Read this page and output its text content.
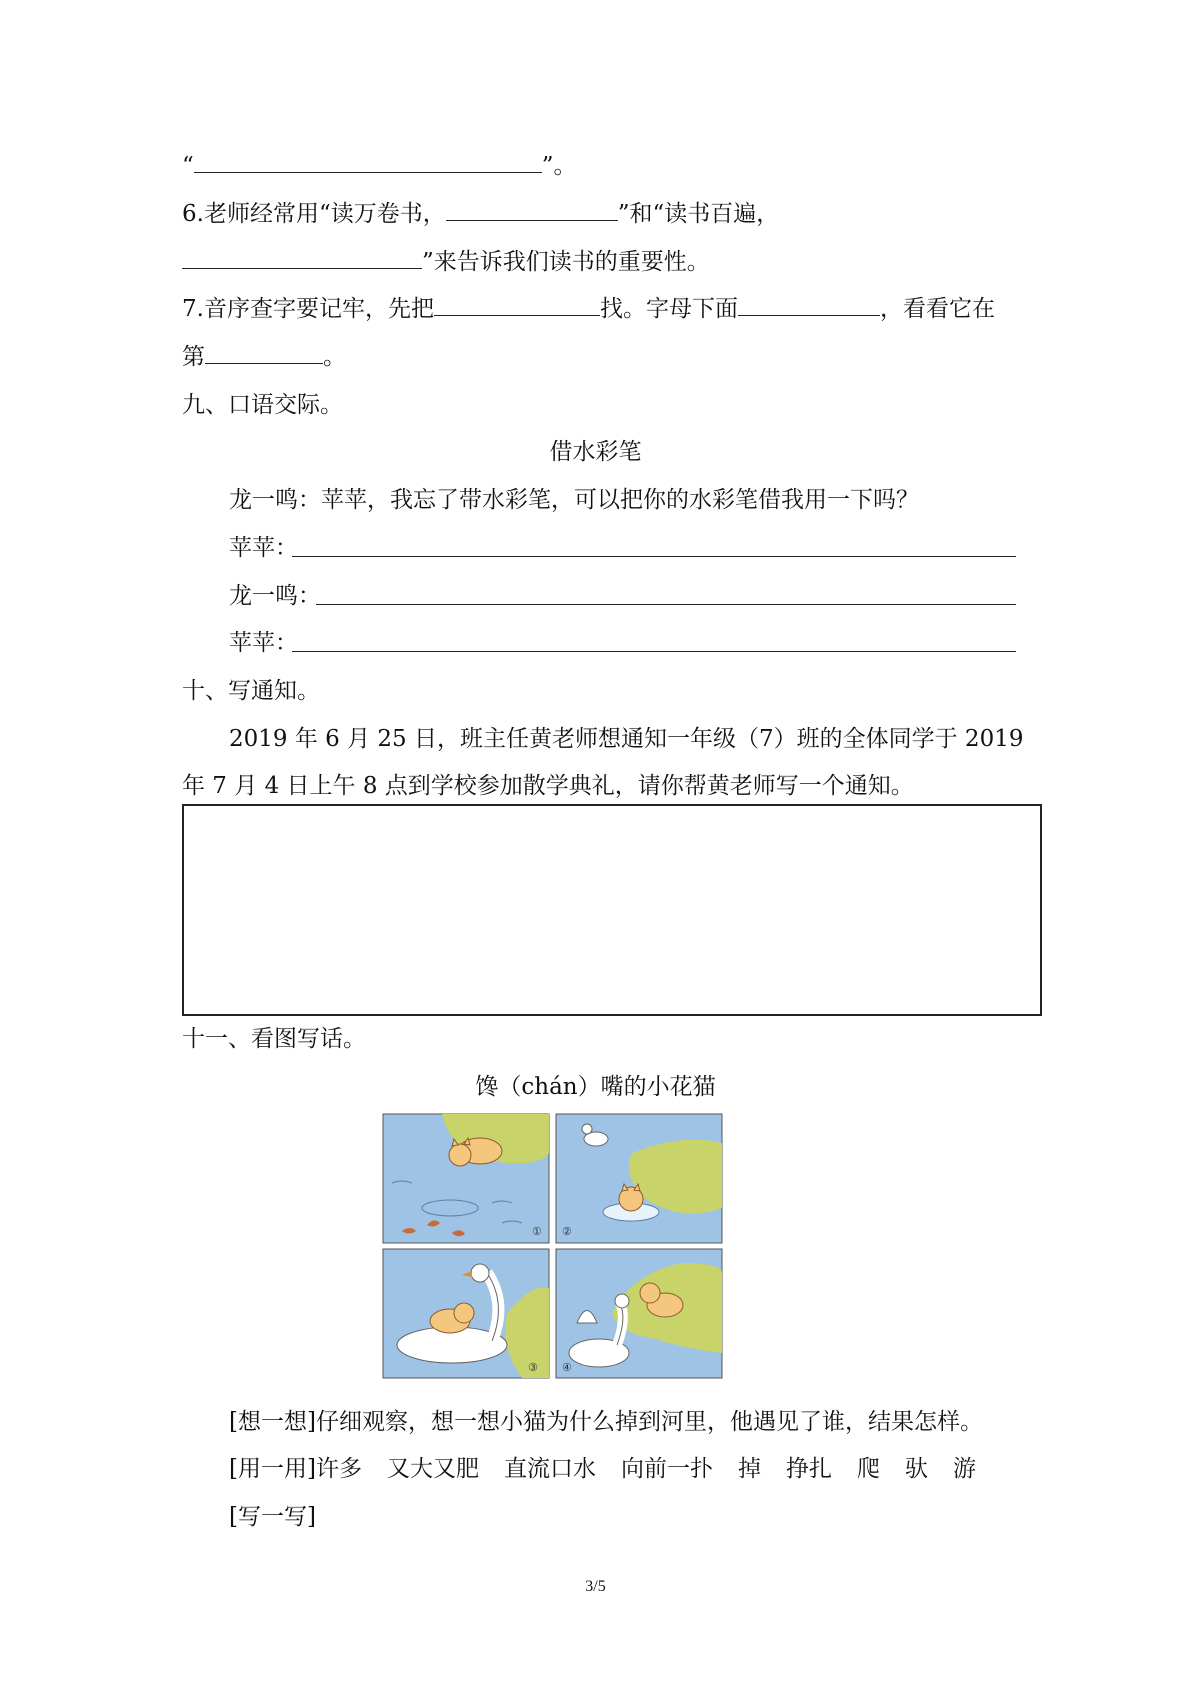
“	”。
6.老师经常用“读万卷书，	”和“读书百遍，
”来告诉我们读书的重要性。
7.音序查字要记牢，先把	找。字母下面	，看看它在
第	。
九、口语交际。
借水彩笔
龙一鸣：苹苹，我忘了带水彩笔，可以把你的水彩笔借我用一下吗？
苹苹：
龙一鸣：
苹苹：
十、写通知。
2019 年 6 月 25 日，班主任黄老师想通知一年级（7）班的全体同学于 2019
年 7 月 4 日上午 8 点到学校参加散学典礼，请你帮黄老师写一个通知。
十一、看图写话。
馋（chán）嘴的小花猫
① ②
③ ④
[想一想]仔细观察，想一想小猫为什么掉到河里，他遇见了谁，结果怎样。
[用一用]许多 又大又肥 直流口水 向前一扑 掉 挣扎 爬 驮 游
[写一写]
3/5
